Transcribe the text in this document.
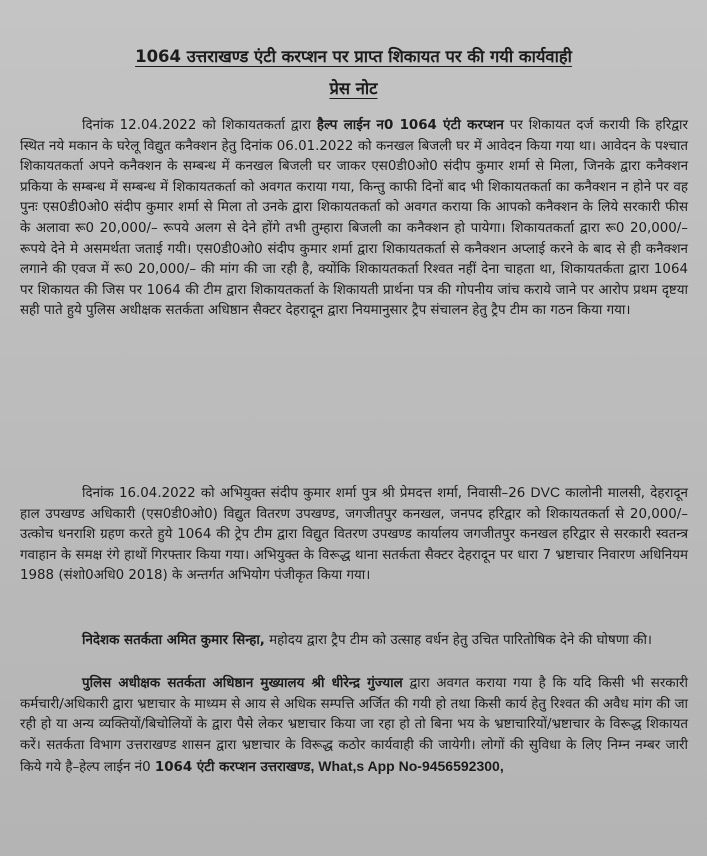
1064 उत्तराखण्ड एंटी करप्शन पर प्राप्त शिकायत पर की गयी कार्यवाही
प्रेस नोट
दिनांक 12.04.2022 को शिकायतकर्ता द्वारा हैल्प लाईन न0 1064 एंटी करप्शन पर शिकायत दर्ज करायी कि हरिद्वार स्थित नये मकान के घरेलू विद्युत कनैक्शन हेतु दिनांक 06.01.2022 को कनखल बिजली घर में आवेदन किया गया था। आवेदन के पश्चात शिकायतकर्ता अपने कनैक्शन के सम्बन्ध में कनखल बिजली घर जाकर एस0डी0ओ0 संदीप कुमार शर्मा से मिला, जिनके द्वारा कनैक्शन प्रकिया के सम्बन्ध में सम्बन्ध में शिकायतकर्ता को अवगत कराया गया, किन्तु काफी दिनों बाद भी शिकायतकर्ता का कनैक्शन न होने पर वह पुनः एस0डी0ओ0 संदीप कुमार शर्मा से मिला तो उनके द्वारा शिकायतकर्ता को अवगत कराया कि आपको कनैक्शन के लिये सरकारी फीस के अलावा रू0 20,000/– रूपये अलग से देने होंगे तभी तुम्हारा बिजली का कनैक्शन हो पायेगा। शिकायतकर्ता द्वारा रू0 20,000/– रूपये देने मे असमर्थता जताई गयी। एस0डी0ओ0 संदीप कुमार शर्मा द्वारा शिकायतकर्ता से कनैक्शन अप्लाई करने के बाद से ही कनैक्शन लगाने की एवज में रू0 20,000/– की मांग की जा रही है, क्योंकि शिकायतकर्ता रिश्वत नहीं देना चाहता था, शिकायतर्कता द्वारा 1064 पर शिकायत की जिस पर 1064 की टीम द्वारा शिकायतकर्ता के शिकायती प्रार्थना पत्र की गोपनीय जांच कराये जाने पर आरोप प्रथम दृष्टया सही पाते हुये पुलिस अधीक्षक सतर्कता अधिष्ठान सैक्टर देहरादून द्वारा नियमानुसार ट्रैप संचालन हेतु ट्रैप टीम का गठन किया गया।
दिनांक 16.04.2022 को अभियुक्त संदीप कुमार शर्मा पुत्र श्री प्रेमदत्त शर्मा, निवासी–26 DVC कालोनी मालसी, देहरादून हाल उपखण्ड अधिकारी (एस0डी0ओ0) विद्युत वितरण उपखण्ड, जगजीतपुर कनखल, जनपद हरिद्वार को शिकायतकर्ता से 20,000/–उत्कोच धनराशि ग्रहण करते हुये 1064 की ट्रेप टीम द्वारा विद्युत वितरण उपखण्ड कार्यालय जगजीतपुर कनखल हरिद्वार से सरकारी स्वतन्त्र गवाहान के समक्ष रंगे हाथों गिरफ्तार किया गया। अभियुक्त के विरूद्ध थाना सतर्कता सैक्टर देहरादून पर धारा 7 भ्रष्टाचार निवारण अधिनियम 1988 (संशो0अधि0 2018) के अन्तर्गत अभियोग पंजीकृत किया गया।
निदेशक सतर्कता अमित कुमार सिन्हा, महोदय द्वारा ट्रैप टीम को उत्साह वर्धन हेतु उचित पारितोषिक देने की घोषणा की।
पुलिस अधीक्षक सतर्कता अधिष्ठान मुख्यालय श्री धीरेन्द्र गुंज्याल द्वारा अवगत कराया गया है कि यदि किसी भी सरकारी कर्मचारी/अधिकारी द्वारा भ्रष्टाचार के माध्यम से आय से अधिक सम्पत्ति अर्जित की गयी हो तथा किसी कार्य हेतु रिश्वत की अवैध मांग की जा रही हो या अन्य व्यक्तियों/बिचोलियों के द्वारा पैसे लेकर भ्रष्टाचार किया जा रहा हो तो बिना भय के भ्रष्टाचारियों/भ्रष्टाचार के विरूद्ध शिकायत करें। सतर्कता विभाग उत्तराखण्ड शासन द्वारा भ्रष्टाचार के विरूद्ध कठोर कार्यवाही की जायेगी। लोगों की सुविधा के लिए निम्न नम्बर जारी किये गये है–हेल्प लाईन नं0 1064 एंटी करप्शन उत्तराखण्ड, What,s App No-9456592300,
